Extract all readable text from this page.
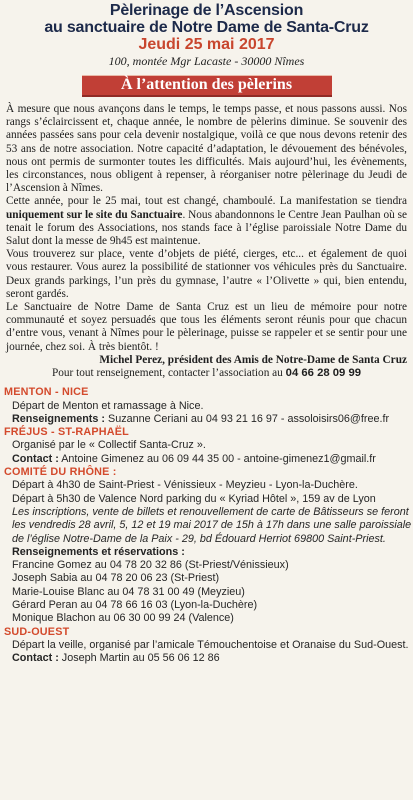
Pèlerinage de l’Ascension

au sanctuaire de Notre Dame de Santa-Cruz

Jeudi 25 mai 2017

100, montée Mgr Lacaste - 30000 Nîmes

À l’attention des pèlerins

À mesure que nous avançons dans le temps, le temps passe, et nous passons aussi. Nos rangs s’éclaircissent et, chaque année, le nombre de pèlerins diminue. Se souvenir des années passées sans pour cela devenir nostalgique, voilà ce que nous devons retenir des 53 ans de notre association. Notre capacité d’adaptation, le dévouement des bénévoles, nous ont permis de surmonter toutes les difficultés. Mais aujourd’hui, les évènements, les circonstances, nous obligent à repenser, à réorganiser notre pèlerinage du Jeudi de l’Ascension à Nîmes.

Cette année, pour le 25 mai, tout est changé, chamboulé. La manifestation se tiendra uniquement sur le site du Sanctuaire. Nous abandonnons le Centre Jean Paulhan où se tenait le forum des Associations, nos stands face à l’église paroissiale Notre Dame du Salut dont la messe de 9h45 est maintenue.

Vous trouverez sur place, vente d’objets de piété, cierges, etc... et également de quoi vous restaurer. Vous aurez la possibilité de stationner vos véhicules près du Sanctuaire. Deux grands parkings, l’un près du gymnase, l’autre « l’Olivette » qui, bien entendu, seront gardés.

Le Sanctuaire de Notre Dame de Santa Cruz est un lieu de mémoire pour notre communauté et soyez persuadés que tous les éléments seront réunis pour que chacun d’entre vous, venant à Nîmes pour le pèlerinage, puisse se rappeler et se sentir pour une journée, chez soi. À très bientôt. !

Michel Perez, président des Amis de Notre-Dame de Santa Cruz
Pour tout renseignement, contacter l’association au 04 66 28 09 99
MENTON - NICE
Départ de Menton et ramassage à Nice.
Renseignements : Suzanne Ceriani au 04 93 21 16 97 - assoloisirs06@free.fr
FRÉJUS - ST-RAPHAËL
Organisé par le « Collectif Santa-Cruz ».
Contact : Antoine Gimenez au 06 09 44 35 00 - antoine-gimenez1@gmail.fr
COMITÉ DU RHÔNE :
Départ à 4h30 de Saint-Priest - Vénissieux - Meyzieu - Lyon-la-Duchère.
Départ à 5h30 de Valence Nord parking du « Kyriad Hôtel », 159 av de Lyon
Les inscriptions, vente de billets et renouvellement de carte de Bâtisseurs se feront les vendredis 28 avril, 5, 12 et 19 mai 2017 de 15h à 17h dans une salle paroissiale de l’église Notre-Dame de la Paix - 29, bd Édouard Herriot 69800 Saint-Priest.
Renseignements et réservations :
Francine Gomez au 04 78 20 32 86 (St-Priest/Vénissieux)
Joseph Sabia au 04 78 20 06 23 (St-Priest)
Marie-Louise Blanc au 04 78 31 00 49 (Meyzieu)
Gérard Peran au 04 78 66 16 03 (Lyon-la-Duchère)
Monique Blachon au 06 30 00 99 24 (Valence)
SUD-OUEST
Départ la veille, organisé par l’amicale Témouchentoise et Oranaise du Sud-Ouest.
Contact : Joseph Martin au 05 56 06 12 86
